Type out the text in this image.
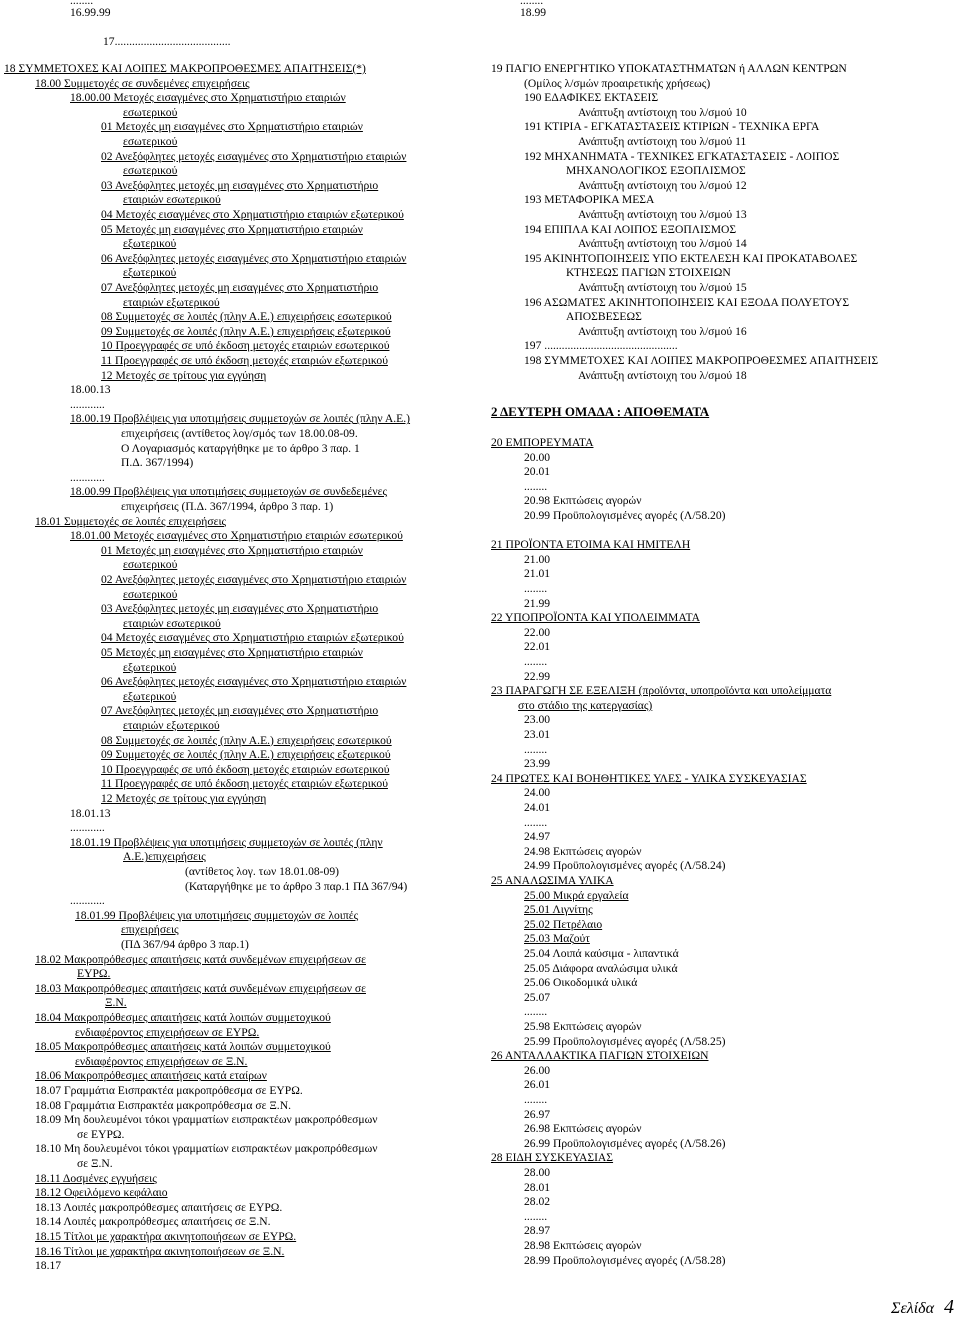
........
16.99.99
17........................................
........
18.99
18 ΣΥΜΜΕΤΟΧΕΣ ΚΑΙ ΛΟΙΠΕΣ ΜΑΚΡΟΠΡΟΘΕΣΜΕΣ ΑΠΑΙΤΗΣΕΙΣ(*)
18.00 Συμμετοχές σε συνδεμένες επιχειρήσεις
18.00.00 Μετοχές εισαγμένες στο Χρηματιστήριο εταιριών
εσωτερικού
01 Μετοχές μη εισαγμένες στο Χρηματιστήριο εταιριών
εσωτερικού
02 Ανεξόφλητες μετοχές εισαγμένες στο Χρηματιστήριο εταιριών
εσωτερικού
03 Ανεξόφλητες μετοχές μη εισαγμένες στο Χρηματιστήριο
εταιριών εσωτερικού
04 Μετοχές εισαγμένες στο Χρηματιστήριο εταιριών εξωτερικού
05 Μετοχές μη εισαγμένες στο Χρηματιστήριο εταιριών
εξωτερικού
06 Ανεξόφλητες μετοχές εισαγμένες στο Χρηματιστήριο εταιριών
εξωτερικού
07 Ανεξόφλητες μετοχές μη εισαγμένες στο Χρηματιστήριο
εταιριών εξωτερικού
08 Συμμετοχές σε λοιπές (πλην Α.Ε.) επιχειρήσεις εσωτερικού
09 Συμμετοχές σε λοιπές (πλην Α.Ε.) επιχειρήσεις εξωτερικού
10 Προεγγραφές σε υπό έκδοση μετοχές εταιριών εσωτερικού
11 Προεγγραφές σε υπό έκδοση μετοχές εταιριών εξωτερικού
12 Μετοχές σε τρίτους για εγγύηση
18.00.13
............
18.00.19 Προβλέψεις για υποτιμήσεις συμμετοχών σε λοιπές (πλην Α.Ε.)
επιχειρήσεις (αντίθετος λογ/σμός των 18.00.08-09.
Ο Λογαριασμός καταργήθηκε με το άρθρο 3 παρ. 1
Π.Δ. 367/1994)
............
18.00.99 Προβλέψεις για υποτιμήσεις συμμετοχών σε συνδεδεμένες
επιχειρήσεις (Π.Δ. 367/1994, άρθρο 3 παρ. 1)
18.01 Συμμετοχές σε λοιπές επιχειρήσεις
18.01.00 Μετοχές εισαγμένες στο Χρηματιστήριο εταιριών εσωτερικού
01 Μετοχές μη εισαγμένες στο Χρηματιστήριο εταιριών
εσωτερικού
02 Ανεξόφλητες μετοχές εισαγμένες στο Χρηματιστήριο εταιριών
εσωτερικού
03 Ανεξόφλητες μετοχές μη εισαγμένες στο Χρηματιστήριο
εταιριών εσωτερικού
04 Μετοχές εισαγμένες στο Χρηματιστήριο εταιριών εξωτερικού
05 Μετοχές μη εισαγμένες στο Χρηματιστήριο εταιριών
εξωτερικού
06 Ανεξόφλητες μετοχές εισαγμένες στο Χρηματιστήριο εταιριών
εξωτερικού
07 Ανεξόφλητες μετοχές μη εισαγμένες στο Χρηματιστήριο
εταιριών εξωτερικού
08 Συμμετοχές σε λοιπές (πλην Α.Ε.) επιχειρήσεις εσωτερικού
09 Συμμετοχές σε λοιπές (πλην Α.Ε.) επιχειρήσεις εξωτερικού
10 Προεγγραφές σε υπό έκδοση μετοχές εταιριών εσωτερικού
11 Προεγγραφές σε υπό έκδοση μετοχές εταιριών εξωτερικού
12 Μετοχές σε τρίτους για εγγύηση
18.01.13
............
18.01.19 Προβλέψεις για υποτιμήσεις συμμετοχών σε λοιπές (πλην
Α.Ε.)επιχειρήσεις
(αντίθετος λογ. των 18.01.08-09)
(Καταργήθηκε με το άρθρο 3 παρ.1 ΠΔ 367/94)
............
18.01.99 Προβλέψεις για υποτιμήσεις συμμετοχών σε λοιπές
επιχειρήσεις
(ΠΔ 367/94 άρθρο 3 παρ.1)
18.02 Μακροπρόθεσμες απαιτήσεις κατά συνδεμένων επιχειρήσεων σε
ΕΥΡΩ.
18.03 Μακροπρόθεσμες απαιτήσεις κατά συνδεμένων επιχειρήσεων σε
Ξ.Ν.
18.04 Μακροπρόθεσμες απαιτήσεις κατά λοιπών συμμετοχικού
ενδιαφέροντος επιχειρήσεων σε ΕΥΡΩ.
18.05 Μακροπρόθεσμες απαιτήσεις κατά λοιπών συμμετοχικού
ενδιαφέροντος επιχειρήσεων σε Ξ.Ν.
18.06 Μακροπρόθεσμες απαιτήσεις κατά εταίρων
18.07 Γραμμάτια Εισπρακτέα μακροπρόθεσμα σε ΕΥΡΩ.
18.08 Γραμμάτια Εισπρακτέα μακροπρόθεσμα σε Ξ.Ν.
18.09 Μη δουλευμένοι τόκοι γραμματίων εισπρακτέων μακροπρόθεσμων
σε ΕΥΡΩ.
18.10 Μη δουλευμένοι τόκοι γραμματίων εισπρακτέων μακροπρόθεσμων
σε Ξ.Ν.
18.11 Δοσμένες εγγυήσεις
18.12 Οφειλόμενο κεφάλαιο
18.13 Λοιπές μακροπρόθεσμες απαιτήσεις σε ΕΥΡΩ.
18.14 Λοιπές μακροπρόθεσμες απαιτήσεις σε Ξ.Ν.
18.15 Τίτλοι με χαρακτήρα ακινητοποιήσεων σε ΕΥΡΩ.
18.16 Τίτλοι με χαρακτήρα ακινητοποιήσεων σε Ξ.Ν.
18.17
19 ΠΑΓΙΟ ΕΝΕΡΓΗΤΙΚΟ ΥΠΟΚΑΤΑΣΤΗΜΑΤΩΝ ή ΑΛΛΩΝ ΚΕΝΤΡΩΝ
(Ομίλος λ/σμών προαιρετικής χρήσεως)
190 ΕΔΑΦΙΚΕΣ ΕΚΤΑΣΕΙΣ
Ανάπτυξη αντίστοιχη του λ/σμού 10
191 ΚΤΙΡΙΑ - ΕΓΚΑΤΑΣΤΑΣΕΙΣ ΚΤΙΡΙΩΝ - ΤΕΧΝΙΚΑ ΕΡΓΑ
Ανάπτυξη αντίστοιχη του λ/σμού 11
192 ΜΗΧΑΝΗΜΑΤΑ - ΤΕΧΝΙΚΕΣ ΕΓΚΑΤΑΣΤΑΣΕΙΣ - ΛΟΙΠΟΣ
ΜΗΧΑΝΟΛΟΓΙΚΟΣ ΕΞΟΠΛΙΣΜΟΣ
Ανάπτυξη αντίστοιχη του λ/σμού 12
193 ΜΕΤΑΦΟΡΙΚΑ ΜΕΣΑ
Ανάπτυξη αντίστοιχη του λ/σμού 13
194 ΕΠΙΠΛΑ ΚΑΙ ΛΟΙΠΟΣ ΕΞΟΠΛΙΣΜΟΣ
Ανάπτυξη αντίστοιχη του λ/σμού 14
195 ΑΚΙΝΗΤΟΠΟΙΗΣΕΙΣ ΥΠΟ ΕΚΤΕΛΕΣΗ ΚΑΙ ΠΡΟΚΑΤΑΒΟΛΕΣ
ΚΤΗΣΕΩΣ ΠΑΓΙΩΝ ΣΤΟΙΧΕΙΩΝ
Ανάπτυξη αντίστοιχη του λ/σμού 15
196 ΑΣΩΜΑΤΕΣ ΑΚΙΝΗΤΟΠΟΙΗΣΕΙΣ ΚΑΙ ΕΞΟΔΑ ΠΟΛΥΕΤΟΥΣ
ΑΠΟΣΒΕΣΕΩΣ
Ανάπτυξη αντίστοιχη του λ/σμού 16
197 ..............................................
198 ΣΥΜΜΕΤΟΧΕΣ ΚΑΙ ΛΟΙΠΕΣ ΜΑΚΡΟΠΡΟΘΕΣΜΕΣ ΑΠΑΙΤΗΣΕΙΣ
Ανάπτυξη αντίστοιχη του λ/σμού 18
2 ΔΕΥΤΕΡΗ ΟΜΑΔΑ : ΑΠΟΘΕΜΑΤΑ
20 ΕΜΠΟΡΕΥΜΑΤΑ
20.00
20.01
........
20.98 Εκπτώσεις αγορών
20.99 Προϋπολογισμένες αγορές (Λ/58.20)
21 ΠΡΟΪΟΝΤΑ ΕΤΟΙΜΑ ΚΑΙ ΗΜΙΤΕΛΗ
21.00
21.01
........
21.99
22 ΥΠΟΠΡΟΪΟΝΤΑ ΚΑΙ ΥΠΟΛΕΙΜΜΑΤΑ
22.00
22.01
........
22.99
23 ΠΑΡΑΓΩΓΗ ΣΕ ΕΞΕΛΙΞΗ (προϊόντα, υποπροϊόντα και υπολείμματα
στο στάδιο της κατεργασίας)
23.00
23.01
........
23.99
24 ΠΡΩΤΕΣ ΚΑΙ ΒΟΗΘΗΤΙΚΕΣ ΥΛΕΣ - ΥΛΙΚΑ ΣΥΣΚΕΥΑΣΙΑΣ
24.00
24.01
........
24.97
24.98 Εκπτώσεις αγορών
24.99 Προϋπολογισμένες αγορές (Λ/58.24)
25 ΑΝΑΛΩΣΙΜΑ ΥΛΙΚΑ
25.00 Μικρά εργαλεία
25.01 Λιγνίτης
25.02 Πετρέλαιο
25.03 Μαζούτ
25.04 Λοιπά καύσιμα - λιπαντικά
25.05 Διάφορα αναλώσιμα υλικά
25.06 Οικοδομικά υλικά
25.07
........
25.98 Εκπτώσεις αγορών
25.99 Προϋπολογισμένες αγορές (Λ/58.25)
26 ΑΝΤΑΛΛΑΚΤΙΚΑ ΠΑΓΙΩΝ ΣΤΟΙΧΕΙΩΝ
26.00
26.01
........
26.97
26.98 Εκπτώσεις αγορών
26.99 Προϋπολογισμένες αγορές (Λ/58.26)
28 ΕΙΔΗ ΣΥΣΚΕΥΑΣΙΑΣ
28.00
28.01
28.02
........
28.97
28.98 Εκπτώσεις αγορών
28.99 Προϋπολογισμένες αγορές (Λ/58.28)
Σελίδα 4
